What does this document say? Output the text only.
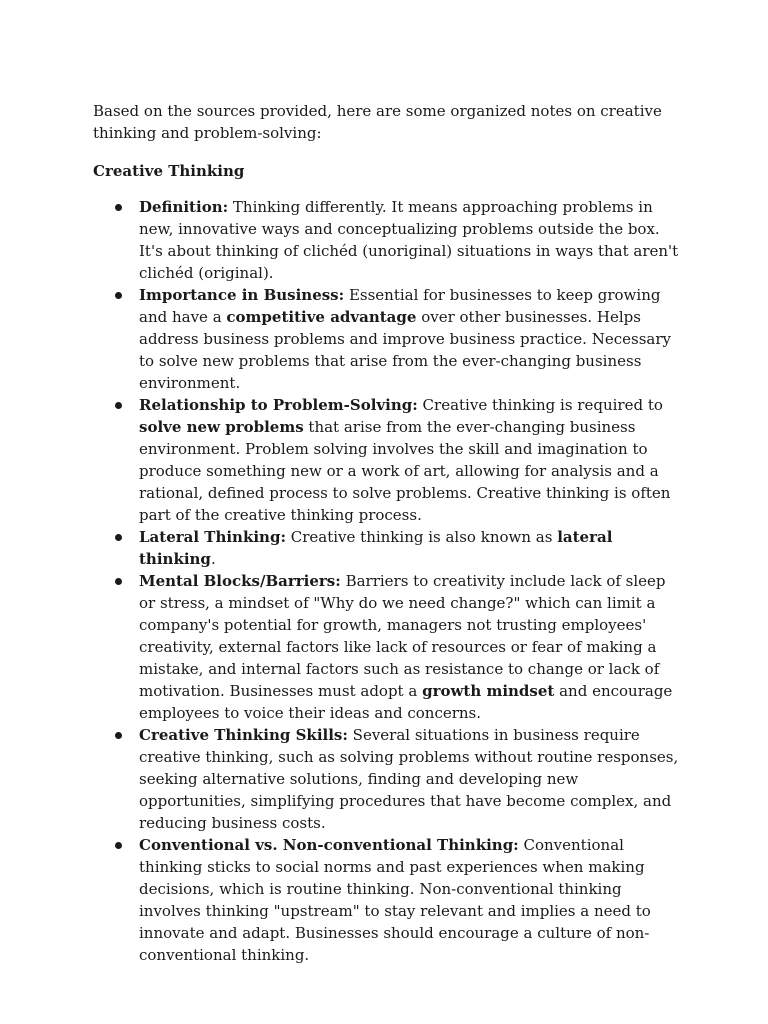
Based on the sources provided, here are some organized notes on creative thinking and problem-solving:

Creative Thinking

Definition: Thinking differently. It means approaching problems in new, innovative ways and conceptualizing problems outside the box. It's about thinking of clichéd (unoriginal) situations in ways that aren't clichéd (original).
Importance in Business: Essential for businesses to keep growing and have a competitive advantage over other businesses. Helps address business problems and improve business practice. Necessary to solve new problems that arise from the ever-changing business environment.
Relationship to Problem-Solving: Creative thinking is required to solve new problems that arise from the ever-changing business environment. Problem solving involves the skill and imagination to produce something new or a work of art, allowing for analysis and a rational, defined process to solve problems. Creative thinking is often part of the creative thinking process.
Lateral Thinking: Creative thinking is also known as lateral thinking.
Mental Blocks/Barriers: Barriers to creativity include lack of sleep or stress, a mindset of "Why do we need change?" which can limit a company's potential for growth, managers not trusting employees' creativity, external factors like lack of resources or fear of making a mistake, and internal factors such as resistance to change or lack of motivation. Businesses must adopt a growth mindset and encourage employees to voice their ideas and concerns.
Creative Thinking Skills: Several situations in business require creative thinking, such as solving problems without routine responses, seeking alternative solutions, finding and developing new opportunities, simplifying procedures that have become complex, and reducing business costs.
Conventional vs. Non-conventional Thinking: Conventional thinking sticks to social norms and past experiences when making decisions, which is routine thinking. Non-conventional thinking involves thinking "upstream" to stay relevant and implies a need to innovate and adapt. Businesses should encourage a culture of non-conventional thinking.
